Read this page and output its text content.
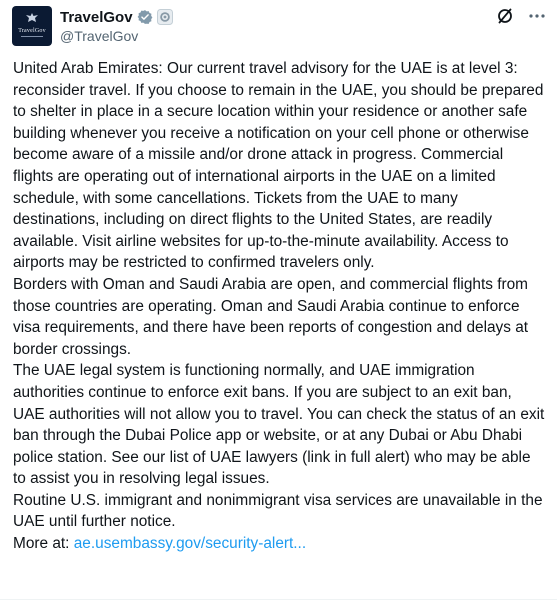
TravelGov
TravelGov
@TravelGov

United Arab Emirates: Our current travel advisory for the UAE is at level 3: reconsider travel. If you choose to remain in the UAE, you should be prepared to shelter in place in a secure location within your residence or another safe building whenever you receive a notification on your cell phone or otherwise become aware of a missile and/or drone attack in progress. Commercial flights are operating out of international airports in the UAE on a limited schedule, with some cancellations. Tickets from the UAE to many destinations, including on direct flights to the United States, are readily available. Visit airline websites for up-to-the-minute availability. Access to airports may be restricted to confirmed travelers only.

Borders with Oman and Saudi Arabia are open, and commercial flights from those countries are operating. Oman and Saudi Arabia continue to enforce visa requirements, and there have been reports of congestion and delays at border crossings.

The UAE legal system is functioning normally, and UAE immigration authorities continue to enforce exit bans. If you are subject to an exit ban, UAE authorities will not allow you to travel. You can check the status of an exit ban through the Dubai Police app or website, or at any Dubai or Abu Dhabi police station. See our list of UAE lawyers (link in full alert) who may be able to assist you in resolving legal issues.

Routine U.S. immigrant and nonimmigrant visa services are unavailable in the UAE until further notice.

More at: ae.usembassy.gov/security-alert...
